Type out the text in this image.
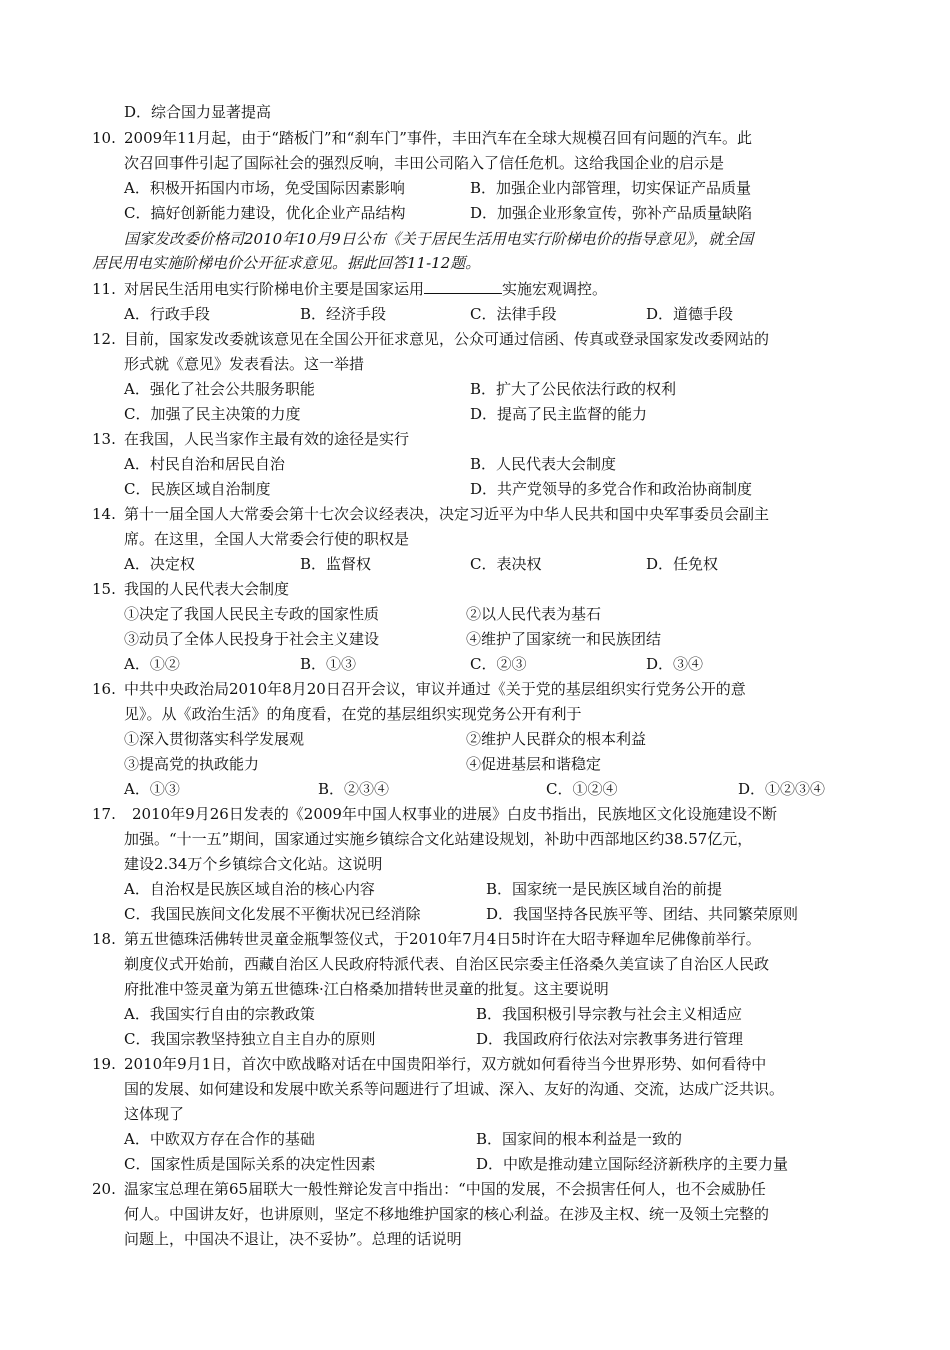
D．综合国力显著提高
10. 2009年11月起，由于“踏板门”和“刹车门”事件，丰田汽车在全球大规模召回有问题的汽车。此
次召回事件引起了国际社会的强烈反响，丰田公司陷入了信任危机。这给我国企业的启示是
A．积极开拓国内市场，免受国际因素影响	B．加强企业内部管理，切实保证产品质量
C．搞好创新能力建设，优化企业产品结构	D．加强企业形象宣传，弥补产品质量缺陷
国家发改委价格司2010年10月9日公布《关于居民生活用电实行阶梯电价的指导意见》，就全国
居民用电实施阶梯电价公开征求意见。据此回答11-12题。
11. 对居民生活用电实行阶梯电价主要是国家运用	实施宏观调控。
A．行政手段	B．经济手段	C．法律手段	D．道德手段
12. 目前，国家发改委就该意见在全国公开征求意见，公众可通过信函、传真或登录国家发改委网站的
形式就《意见》发表看法。这一举措
A．强化了社会公共服务职能	B．扩大了公民依法行政的权利
C．加强了民主决策的力度	D．提高了民主监督的能力
13. 在我国，人民当家作主最有效的途径是实行
A．村民自治和居民自治	B．人民代表大会制度
C．民族区域自治制度	D．共产党领导的多党合作和政治协商制度
14. 第十一届全国人大常委会第十七次会议经表决，决定习近平为中华人民共和国中央军事委员会副主
席。在这里，全国人大常委会行使的职权是
A．决定权	B．监督权	C．表决权	D．任免权
15. 我国的人民代表大会制度
①决定了我国人民民主专政的国家性质	②以人民代表为基石
③动员了全体人民投身于社会主义建设	④维护了国家统一和民族团结
A．①②	B．①③	C．②③	D．③④
16. 中共中央政治局2010年8月20日召开会议，审议并通过《关于党的基层组织实行党务公开的意
见》。从《政治生活》的角度看，在党的基层组织实现党务公开有利于
①深入贯彻落实科学发展观	②维护人民群众的根本利益
③提高党的执政能力	④促进基层和谐稳定
A．①③	B．②③④	C．①②④	D．①②③④
17. 2010年9月26日发表的《2009年中国人权事业的进展》白皮书指出，民族地区文化设施建设不断
加强。“十一五”期间，国家通过实施乡镇综合文化站建设规划，补助中西部地区约38.57亿元，
建设2.34万个乡镇综合文化站。这说明
A．自治权是民族区域自治的核心内容	B．国家统一是民族区域自治的前提
C．我国民族间文化发展不平衡状况已经消除	D．我国坚持各民族平等、团结、共同繁荣原则
18. 第五世德珠活佛转世灵童金瓶掣签仪式，于2010年7月4日5时许在大昭寺释迦牟尼佛像前举行。
剃度仪式开始前，西藏自治区人民政府特派代表、自治区民宗委主任洛桑久美宣读了自治区人民政
府批准中签灵童为第五世德珠·江白格桑加措转世灵童的批复。这主要说明
A．我国实行自由的宗教政策	B．我国积极引导宗教与社会主义相适应
C．我国宗教坚持独立自主自办的原则	D．我国政府行依法对宗教事务进行管理
19. 2010年9月1日，首次中欧战略对话在中国贵阳举行，双方就如何看待当今世界形势、如何看待中
国的发展、如何建设和发展中欧关系等问题进行了坦诚、深入、友好的沟通、交流，达成广泛共识。
这体现了
A．中欧双方存在合作的基础	B．国家间的根本利益是一致的
C．国家性质是国际关系的决定性因素	D．中欧是推动建立国际经济新秩序的主要力量
20. 温家宝总理在第65届联大一般性辩论发言中指出：“中国的发展，不会损害任何人，也不会威胁任
何人。中国讲友好，也讲原则，坚定不移地维护国家的核心利益。在涉及主权、统一及领土完整的
问题上，中国决不退让，决不妥协”。总理的话说明
